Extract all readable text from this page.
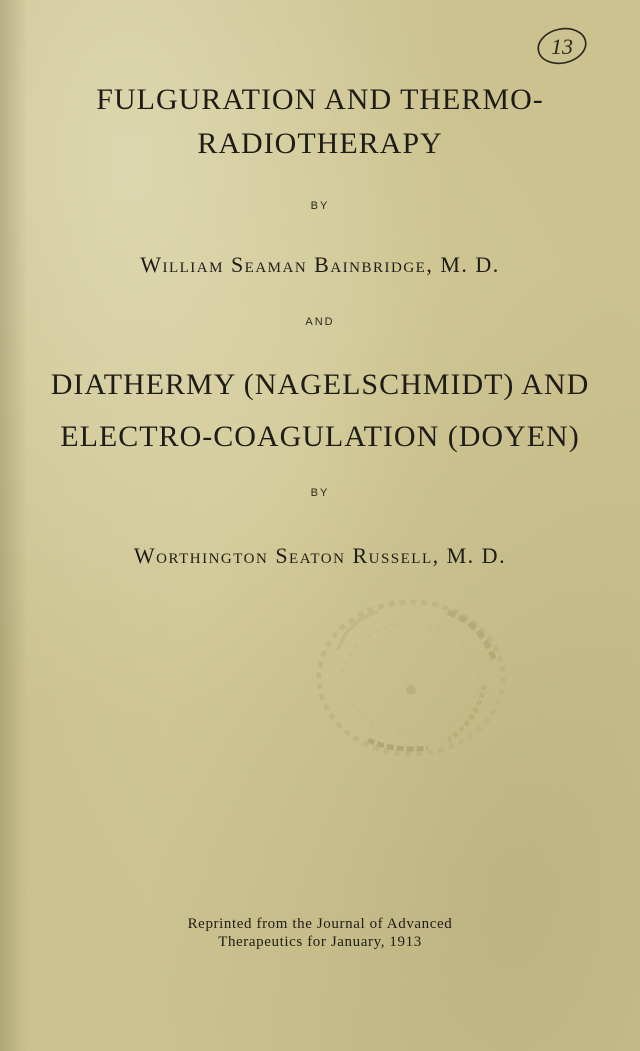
13
FULGURATION AND THERMO-
RADIOTHERAPY
BY
William Seaman Bainbridge, M. D.
AND
DIATHERMY (NAGELSCHMIDT) AND
ELECTRO-COAGULATION (DOYEN)
BY
Worthington Seaton Russell, M. D.
Reprinted from the Journal of Advanced
Therapeutics for January, 1913
